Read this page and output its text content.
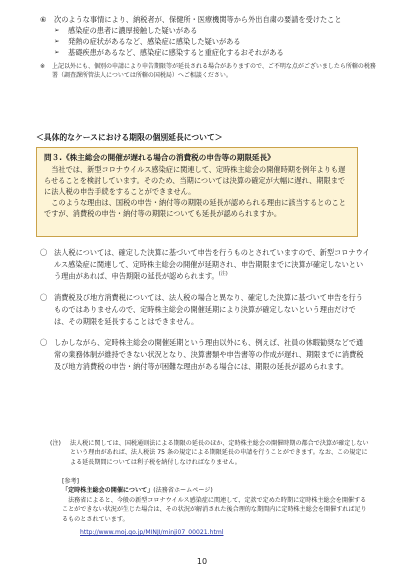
⑥	次のような事情により、納税者が、保健所・医療機関等から外出自粛の要請を受けたこと
➢	感染症の患者に濃厚接触した疑いがある
➢	発熱の症状があるなど、感染症に感染した疑いがある
➢	基礎疾患があるなど、感染症に感染すると重症化するおそれがある
※	上記以外にも、個別の申請により申告期限等が延長される場合がありますので、ご不明な点がございましたら所轄の税務署（調査課所管法人については所轄の国税局）へご相談ください。
＜具体的なケースにおける期限の個別延長について＞
問３.《株主総会の開催が遅れる場合の消費税の申告等の期限延長》

当社では、新型コロナウイルス感染症に関連して、定時株主総会の開催時期を例年よりも遅らせることを検討しています。そのため、当期については決算の確定が大幅に遅れ、期限までに法人税の申告手続をすることができません。

このような理由は、国税の申告・納付等の期限の延長が認められる理由に該当するとのことですが、消費税の申告・納付等の期限についても延長が認められますか。

〇 法人税については、確定した決算に基づいて申告を行うものとされていますので、新型コロナウイルス感染症に関連して、定時株主総会の開催が延期され、申告期限までに決算が確定しないという理由があれば、申告期限の延長が認められます。$^{(注)}$
〇 消費税及び地方消費税については、法人税の場合と異なり、確定した決算に基づいて申告を行うものではありませんので、定時株主総会の開催延期により決算が確定しないという理由だけでは、その期限を延長することはできません。
〇 しかしながら、定時株主総会の開催延期という理由以外にも、例えば、社員の休暇勧奨などで通常の業務体制が維持できない状況となり、決算書類や申告書等の作成が遅れ、期限までに消費税及び地方消費税の申告・納付等が困難な理由がある場合には、期限の延長が認められます。
(注)	法人税に関しては、国税通則法による期限の延長のほか、定時株主総会の開催時期の都合で決算が確定しないという理由があれば、法人税法 75 条の規定による期限延長の申請を行うことができます。なお、この規定による延長期間については利子税を納付しなければなりません。
[参考]
「定時株主総会の開催について」(法務省ホームページ)
法務省によると、今般の新型コロナウイルス感染症に関連して、定款で定めた時期に定時株主総会を開催することができない状況が生じた場合は、その状況が解消された後合理的な期間内に定時株主総会を開催すれば足りるものとされています。
http://www.moj.go.jp/MINJI/minji07_00021.html
10
